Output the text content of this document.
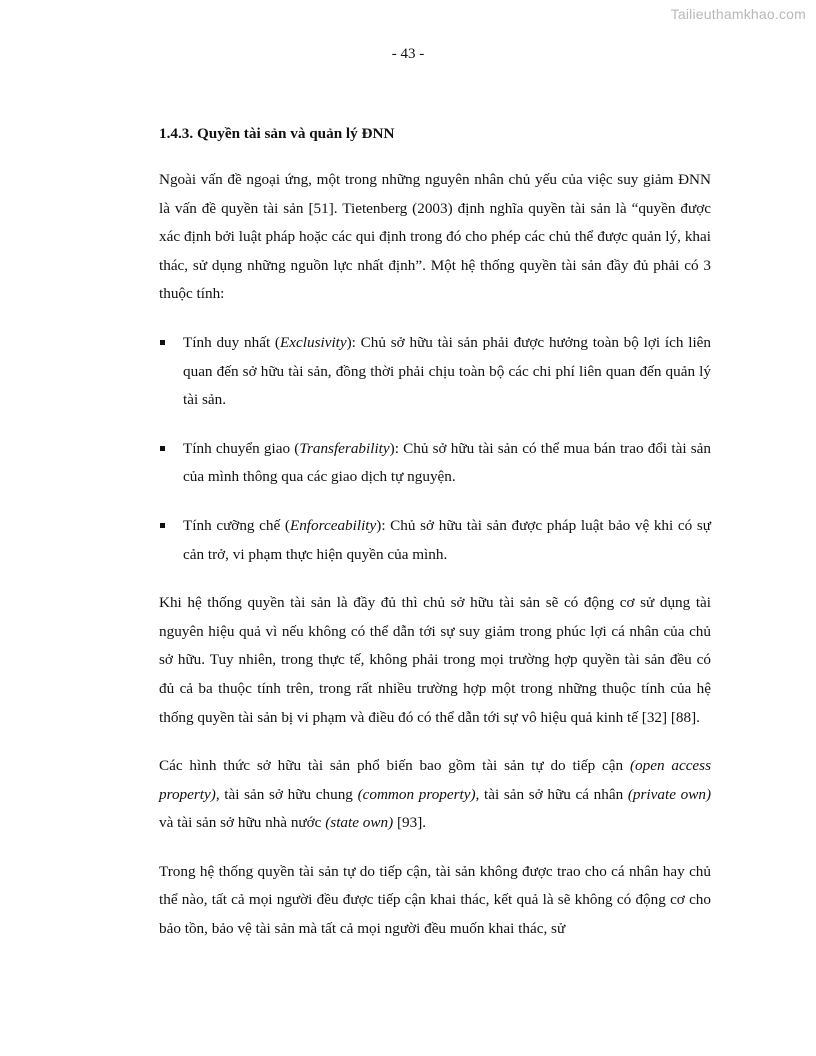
Tailieuthamkhao.com
- 43 -
1.4.3. Quyền tài sản và quản lý ĐNN

Ngoài vấn đề ngoại ứng, một trong những nguyên nhân chủ yếu của việc suy giảm ĐNN là vấn đề quyền tài sản [51]. Tietenberg (2003) định nghĩa quyền tài sản là “quyền được xác định bởi luật pháp hoặc các qui định trong đó cho phép các chủ thể được quản lý, khai thác, sử dụng những nguồn lực nhất định”. Một hệ thống quyền tài sản đầy đủ phải có 3 thuộc tính:

Tính duy nhất (Exclusivity): Chủ sở hữu tài sản phải được hưởng toàn bộ lợi ích liên quan đến sở hữu tài sản, đồng thời phải chịu toàn bộ các chi phí liên quan đến quản lý tài sản.
Tính chuyển giao (Transferability): Chủ sở hữu tài sản có thể mua bán trao đổi tài sản của mình thông qua các giao dịch tự nguyện.
Tính cưỡng chế (Enforceability): Chủ sở hữu tài sản được pháp luật bảo vệ khi có sự cản trở, vi phạm thực hiện quyền của mình.

Khi hệ thống quyền tài sản là đầy đủ thì chủ sở hữu tài sản sẽ có động cơ sử dụng tài nguyên hiệu quả vì nếu không có thể dẫn tới sự suy giảm trong phúc lợi cá nhân của chủ sở hữu. Tuy nhiên, trong thực tế, không phải trong mọi trường hợp quyền tài sản đều có đủ cả ba thuộc tính trên, trong rất nhiều trường hợp một trong những thuộc tính của hệ thống quyền tài sản bị vi phạm và điều đó có thể dẫn tới sự vô hiệu quả kinh tế [32] [88].

Các hình thức sở hữu tài sản phổ biến bao gồm tài sản tự do tiếp cận (open access property), tài sản sở hữu chung (common property), tài sản sở hữu cá nhân (private own) và tài sản sở hữu nhà nước (state own) [93].

Trong hệ thống quyền tài sản tự do tiếp cận, tài sản không được trao cho cá nhân hay chủ thể nào, tất cả mọi người đều được tiếp cận khai thác, kết quả là sẽ không có động cơ cho bảo tồn, bảo vệ tài sản mà tất cả mọi người đều muốn khai thác, sử
